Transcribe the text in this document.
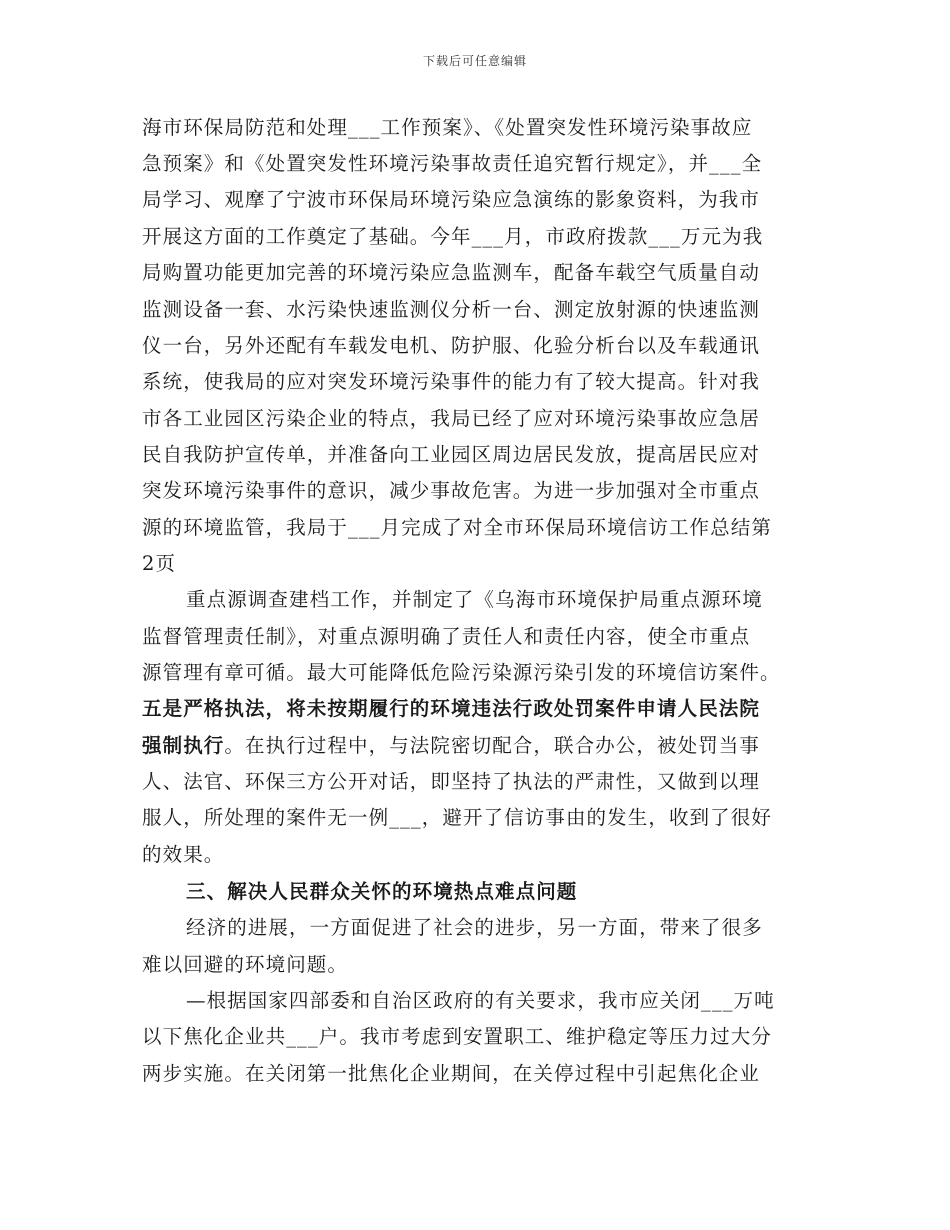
下载后可任意编辑
海市环保局防范和处理___工作预案》、《处置突发性环境污染事故应
急预案》和《处置突发性环境污染事故责任追究暂行规定》，并___全
局学习、观摩了宁波市环保局环境污染应急演练的影象资料，为我市
开展这方面的工作奠定了基础。今年___月，市政府拨款___万元为我
局购置功能更加完善的环境污染应急监测车，配备车载空气质量自动
监测设备一套、水污染快速监测仪分析一台、测定放射源的快速监测
仪一台，另外还配有车载发电机、防护服、化验分析台以及车载通讯
系统，使我局的应对突发环境污染事件的能力有了较大提高。针对我
市各工业园区污染企业的特点，我局已经了应对环境污染事故应急居
民自我防护宣传单，并准备向工业园区周边居民发放，提高居民应对
突发环境污染事件的意识，减少事故危害。为进一步加强对全市重点
源的环境监管，我局于___月完成了对全市环保局环境信访工作总结第
2页
重点源调查建档工作，并制定了《乌海市环境保护局重点源环境
监督管理责任制》，对重点源明确了责任人和责任内容，使全市重点
源管理有章可循。最大可能降低危险污染源污染引发的环境信访案件。
五是严格执法，将未按期履行的环境违法行政处罚案件申请人民法院
强制执行。在执行过程中，与法院密切配合，联合办公，被处罚当事
人、法官、环保三方公开对话，即坚持了执法的严肃性，又做到以理
服人，所处理的案件无一例___，避开了信访事由的发生，收到了很好
的效果。
三、解决人民群众关怀的环境热点难点问题
经济的进展，一方面促进了社会的进步，另一方面，带来了很多
难以回避的环境问题。
—根据国家四部委和自治区政府的有关要求，我市应关闭___万吨
以下焦化企业共___户。我市考虑到安置职工、维护稳定等压力过大分
两步实施。在关闭第一批焦化企业期间，在关停过程中引起焦化企业
